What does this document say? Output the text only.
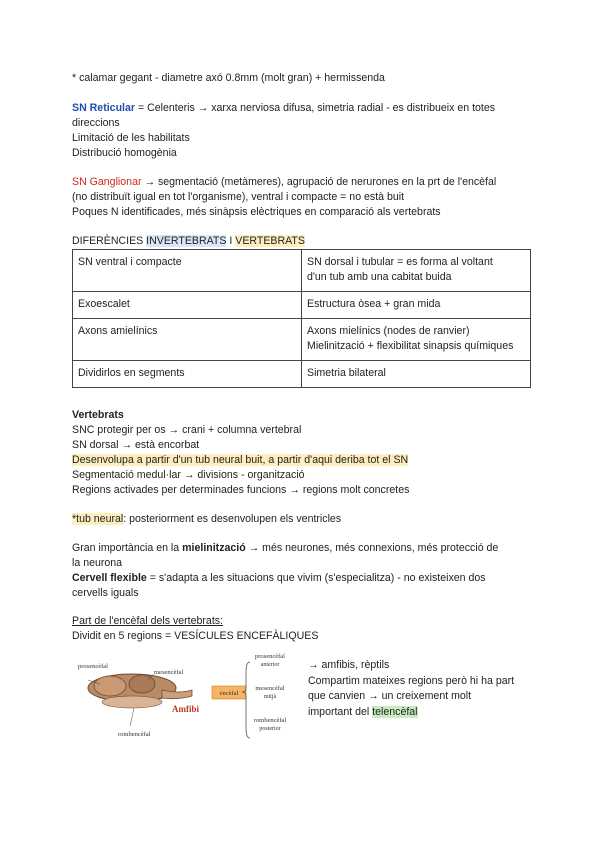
* calamar gegant - diametre axó 0.8mm (molt gran) + hermissenda
SN Reticular = Celenteris → xarxa nerviosa difusa, simetria radial - es distribueix en totes
direccions
Limitació de les habilitats
Distribució homogènia
SN Ganglionar → segmentació (metàmeres), agrupació de nerurones en la prt de l'encèfal
(no distribuït igual en tot l'organisme), ventral i compacte = no està buit
Poques N identificades, més sinàpsis elèctriques en comparació als vertebrats
DIFERÈNCIES INVERTEBRATS I VERTEBRATS
SN ventral i compacte	SN dorsal i tubular = es forma al voltant
d'un tub amb una cabitat buida
Exoescalet	Estructura òsea + gran mida
Axons amielínics	Axons mielínics (nodes de ranvier)
Mielinització + flexibilitat sinapsis químiques
Dividirlos en segments	Simetria bilateral
Vertebrats
SNC protegir per os → crani + columna vertebral
SN dorsal → està encorbat
Desenvolupa a partir d'un tub neural buit, a partir d'aqui deriba tot el SN
Segmentació medul·lar → divisions - organització
Regions activades per determinades funcions → regions molt concretes
*tub neural: posteriorment es desenvolupen els ventricles
Gran importància en la mielinització → més neurones, més connexions, més protecció de
la neurona
Cervell flexible = s'adapta a les situacions que vivim (s'especialitza) - no existeixen dos
cervells iguals
Part de l'encèfal dels vertebrats:
Dividit en 5 regions = VESÍCULES ENCEFÀLIQUES
prosencèfal
mesencèfal
rombencèfal
Amfibi
encèfal
prosencèfal
anterior
mesencèfal
mitjà
rombencèfal
posterior
→ amfibis, rèptils
Compartim mateixes regions però hi ha part
que canvien → un creixement molt
important del telencèfal
